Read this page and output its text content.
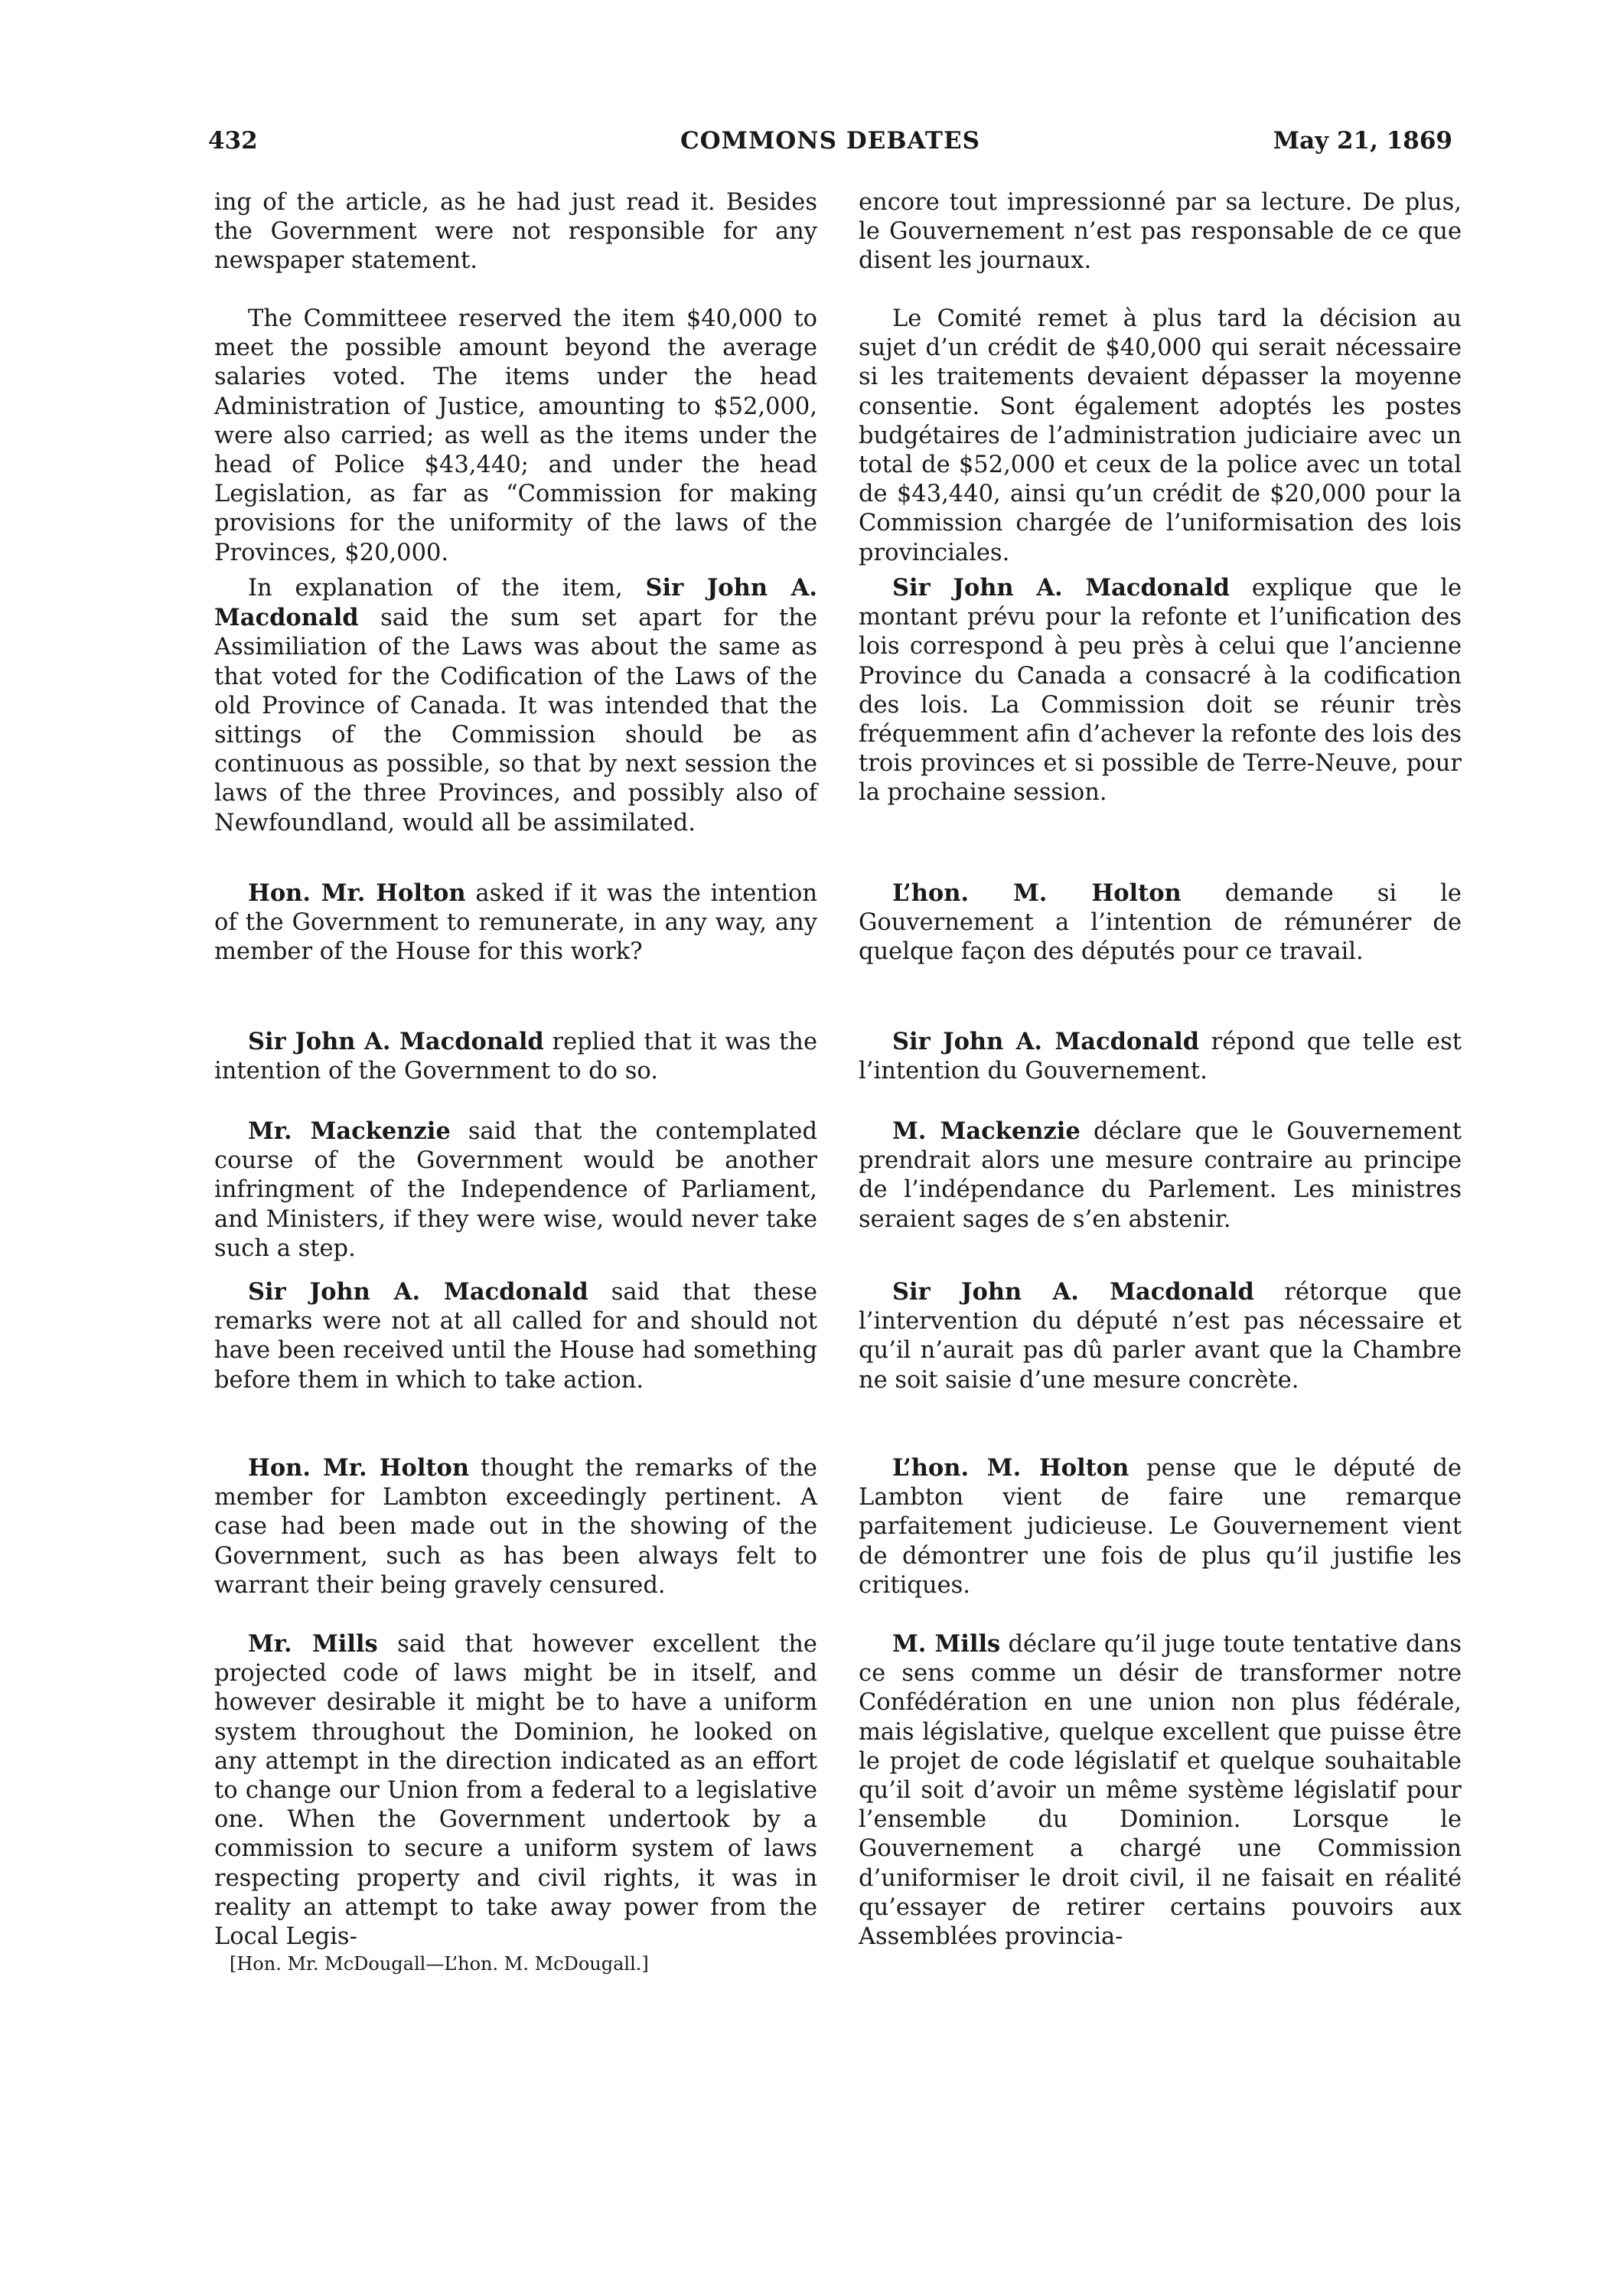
432	COMMONS DEBATES	May 21, 1869

ing of the article, as he had just read it. Besides the Government were not responsible for any newspaper statement.

encore tout impressionné par sa lecture. De plus, le Gouvernement n’est pas responsable de ce que disent les journaux.

The Committeee reserved the item $40,000 to meet the possible amount beyond the average salaries voted. The items under the head Administration of Justice, amounting to $52,000, were also carried; as well as the items under the head of Police $43,440; and under the head Legislation, as far as “Commission for making provisions for the uniformity of the laws of the Provinces, $20,000.

Le Comité remet à plus tard la décision au sujet d’un crédit de $40,000 qui serait nécessaire si les traitements devaient dépasser la moyenne consentie. Sont également adoptés les postes budgétaires de l’administration judiciaire avec un total de $52,000 et ceux de la police avec un total de $43,440, ainsi qu’un crédit de $20,000 pour la Commission chargée de l’uniformisation des lois provinciales.

In explanation of the item, Sir John A. Macdonald said the sum set apart for the Assimiliation of the Laws was about the same as that voted for the Codification of the Laws of the old Province of Canada. It was intended that the sittings of the Commission should be as continuous as possible, so that by next session the laws of the three Provinces, and possibly also of Newfoundland, would all be assimilated.

Sir John A. Macdonald explique que le montant prévu pour la refonte et l’unification des lois correspond à peu près à celui que l’ancienne Province du Canada a consacré à la codification des lois. La Commission doit se réunir très fréquemment afin d’achever la refonte des lois des trois provinces et si possible de Terre-Neuve, pour la prochaine session.

Hon. Mr. Holton asked if it was the intention of the Government to remunerate, in any way, any member of the House for this work?

L’hon. M. Holton demande si le Gouvernement a l’intention de rémunérer de quelque façon des députés pour ce travail.

Sir John A. Macdonald replied that it was the intention of the Government to do so.

Sir John A. Macdonald répond que telle est l’intention du Gouvernement.

Mr. Mackenzie said that the contemplated course of the Government would be another infringment of the Independence of Parliament, and Ministers, if they were wise, would never take such a step.

M. Mackenzie déclare que le Gouvernement prendrait alors une mesure contraire au principe de l’indépendance du Parlement. Les ministres seraient sages de s’en abstenir.

Sir John A. Macdonald said that these remarks were not at all called for and should not have been received until the House had something before them in which to take action.

Sir John A. Macdonald rétorque que l’intervention du député n’est pas nécessaire et qu’il n’aurait pas dû parler avant que la Chambre ne soit saisie d’une mesure concrète.

Hon. Mr. Holton thought the remarks of the member for Lambton exceedingly pertinent. A case had been made out in the showing of the Government, such as has been always felt to warrant their being gravely censured.

L’hon. M. Holton pense que le député de Lambton vient de faire une remarque parfaitement judicieuse. Le Gouvernement vient de démontrer une fois de plus qu’il justifie les critiques.

Mr. Mills said that however excellent the projected code of laws might be in itself, and however desirable it might be to have a uniform system throughout the Dominion, he looked on any attempt in the direction indicated as an effort to change our Union from a federal to a legislative one. When the Government undertook by a commission to secure a uniform system of laws respecting property and civil rights, it was in reality an attempt to take away power from the Local Legis-

M. Mills déclare qu’il juge toute tentative dans ce sens comme un désir de transformer notre Confédération en une union non plus fédérale, mais législative, quelque excellent que puisse être le projet de code législatif et quelque souhaitable qu’il soit d’avoir un même système législatif pour l’ensemble du Dominion. Lorsque le Gouvernement a chargé une Commission d’uniformiser le droit civil, il ne faisait en réalité qu’essayer de retirer certains pouvoirs aux Assemblées provincia-

[Hon. Mr. McDougall—L’hon. M. McDougall.]
